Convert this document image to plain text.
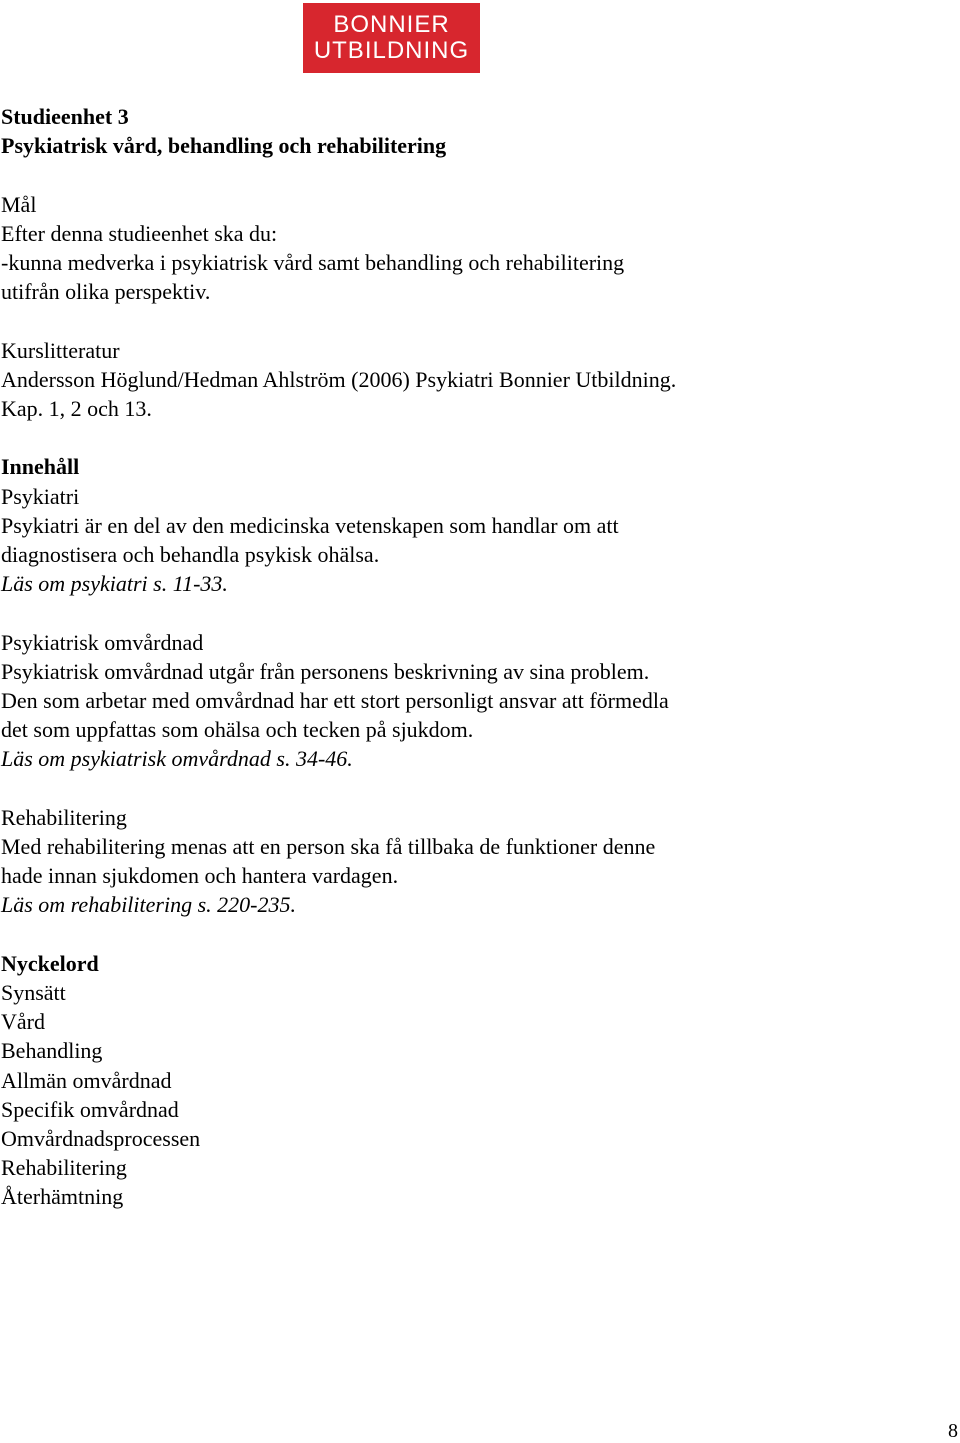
BONNIER
UTBILDNING
Studieenhet 3
Psykiatrisk vård, behandling och rehabilitering
Mål
Efter denna studieenhet ska du:
-kunna medverka i psykiatrisk vård samt behandling och rehabilitering
utifrån olika perspektiv.
Kurslitteratur
Andersson Höglund/Hedman Ahlström (2006) Psykiatri Bonnier Utbildning.
Kap. 1, 2 och 13.
Innehåll
Psykiatri
Psykiatri är en del av den medicinska vetenskapen som handlar om att
diagnostisera och behandla psykisk ohälsa.
Läs om psykiatri s. 11-33.
Psykiatrisk omvårdnad
Psykiatrisk omvårdnad utgår från personens beskrivning av sina problem.
Den som arbetar med omvårdnad har ett stort personligt ansvar att förmedla
det som uppfattas som ohälsa och tecken på sjukdom.
Läs om psykiatrisk omvårdnad s. 34-46.
Rehabilitering
Med rehabilitering menas att en person ska få tillbaka de funktioner denne
hade innan sjukdomen och hantera vardagen.
Läs om rehabilitering s. 220-235.
Nyckelord
Synsätt
Vård
Behandling
Allmän omvårdnad
Specifik omvårdnad
Omvårdnadsprocessen
Rehabilitering
Återhämtning
8
